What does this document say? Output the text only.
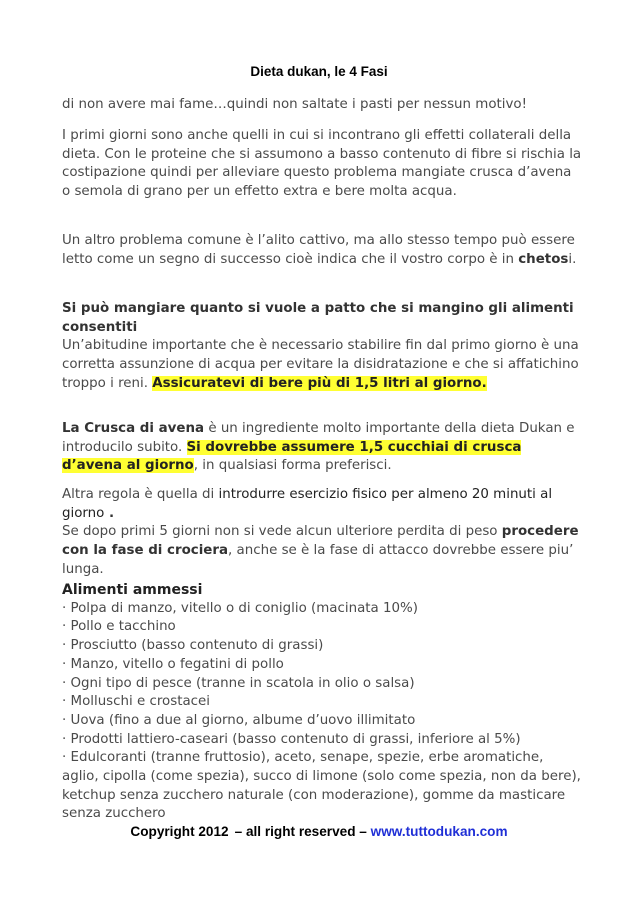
Dieta dukan, le 4 Fasi

di non avere mai fame…quindi non saltate i pasti per nessun motivo!

I primi giorni sono anche quelli in cui si incontrano gli effetti collaterali della dieta. Con le proteine che si assumono a basso contenuto di fibre si rischia la costipazione quindi per alleviare questo problema mangiate crusca d’avena o semola di grano per un effetto extra e bere molta acqua.

Un altro problema comune è l’alito cattivo, ma allo stesso tempo può essere letto come un segno di successo cioè indica che il vostro corpo è in chetosi.

Si può mangiare quanto si vuole a patto che si mangino gli alimenti consentiti
Un’abitudine importante che è necessario stabilire fin dal primo giorno è una corretta assunzione di acqua per evitare la disidratazione e che si affatichino troppo i reni. Assicuratevi di bere più di 1,5 litri al giorno.

La Crusca di avena è un ingrediente molto importante della dieta Dukan e introducilo subito. Si dovrebbe assumere 1,5 cucchiai di crusca d’avena al giorno, in qualsiasi forma preferisci.

Altra regola è quella di introdurre esercizio fisico per almeno 20 minuti al giorno .
Se dopo primi 5 giorni non si vede alcun ulteriore perdita di peso procedere con la fase di crociera, anche se è la fase di attacco dovrebbe essere piu’ lunga.

Alimenti ammessi
· Polpa di manzo, vitello o di coniglio (macinata 10%)
· Pollo e tacchino
· Prosciutto (basso contenuto di grassi)
· Manzo, vitello o fegatini di pollo
· Ogni tipo di pesce (tranne in scatola in olio o salsa)
· Molluschi e crostacei
· Uova (fino a due al giorno, albume d’uovo illimitato
· Prodotti lattiero-caseari (basso contenuto di grassi, inferiore al 5%)
· Edulcoranti (tranne fruttosio), aceto, senape, spezie, erbe aromatiche, aglio, cipolla (come spezia), succo di limone (solo come spezia, non da bere), ketchup senza zucchero naturale (con moderazione), gomme da masticare senza zucchero
Copyright 2012 – all right reserved – www.tuttodukan.com
